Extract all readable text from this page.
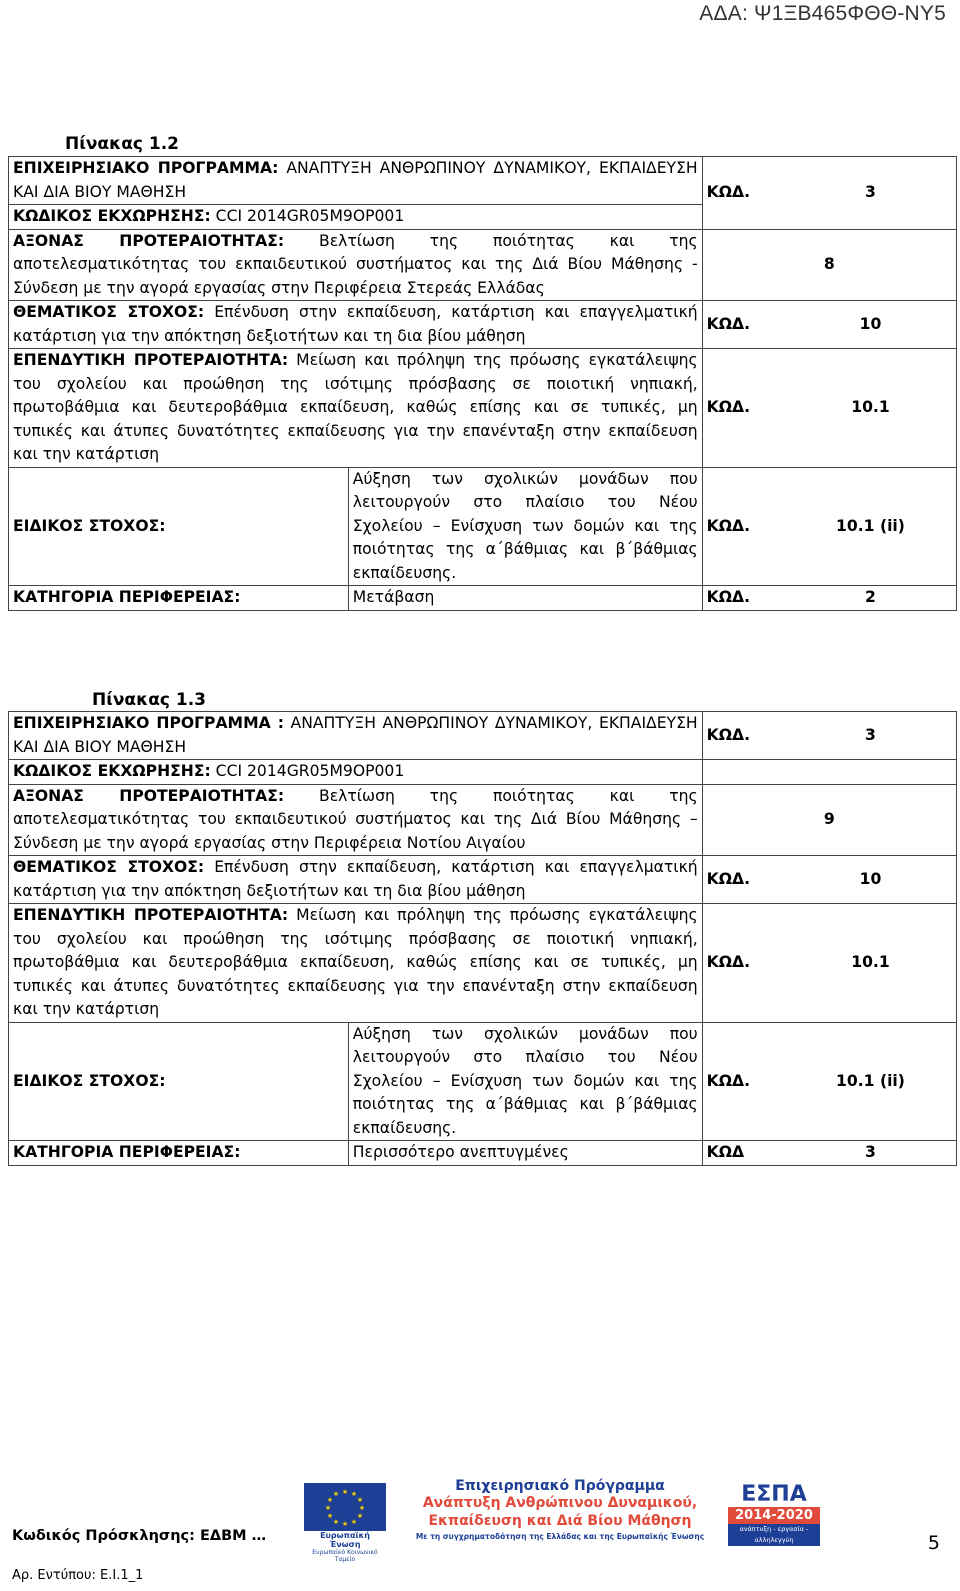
ΑΔΑ: Ψ1ΞΒ465ΦΘΘ-ΝΥ5
Πίνακας 1.2
ΕΠΙΧΕΙΡΗΣΙΑΚΟ ΠΡΟΓΡΑΜΜΑ: ΑΝΑΠΤΥΞΗ ΑΝΘΡΩΠΙΝΟΥ ΔΥΝΑΜΙΚΟΥ, ΕΚΠΑΙΔΕΥΣΗ ΚΑΙ ΔΙΑ ΒΙΟΥ ΜΑΘΗΣΗ		ΚΩΔ.	3
ΚΩΔΙΚΟΣ ΕΚΧΩΡΗΣΗΣ: CCI 2014GR05M9OP001			
ΑΞΟΝΑΣ ΠΡΟΤΕΡΑΙΟΤΗΤΑΣ: Βελτίωση της ποιότητας και της αποτελεσματικότητας του εκπαιδευτικού συστήματος και της Διά Βίου Μάθησης - Σύνδεση με την αγορά εργασίας στην Περιφέρεια Στερεάς Ελλάδας		8	
ΘΕΜΑΤΙΚΟΣ ΣΤΟΧΟΣ: Επένδυση στην εκπαίδευση, κατάρτιση και επαγγελματική κατάρτιση για την απόκτηση δεξιοτήτων και τη δια βίου μάθηση		ΚΩΔ.	10
ΕΠΕΝΔΥΤΙΚΗ ΠΡΟΤΕΡΑΙΟΤΗΤΑ: Μείωση και πρόληψη της πρόωσης εγκατάλειψης του σχολείου και προώθηση της ισότιμης πρόσβασης σε ποιοτική νηπιακή, πρωτοβάθμια και δευτεροβάθμια εκπαίδευση, καθώς επίσης και σε τυπικές, μη τυπικές και άτυπες δυνατότητες εκπαίδευσης για την επανένταξη στην εκπαίδευση και την κατάρτιση		ΚΩΔ.	10.1
ΕΙΔΙΚΟΣ ΣΤΟΧΟΣ:	Αύξηση των σχολικών μονάδων που λειτουργούν στο πλαίσιο του Νέου Σχολείου – Ενίσχυση των δομών και της ποιότητας της α΄βάθμιας και β΄βάθμιας εκπαίδευσης.	ΚΩΔ.	10.1 (ii)
ΚΑΤΗΓΟΡΙΑ ΠΕΡΙΦΕΡΕΙΑΣ:	Μετάβαση	ΚΩΔ.	2
Πίνακας 1.3
ΕΠΙΧΕΙΡΗΣΙΑΚΟ ΠΡΟΓΡΑΜΜΑ : ΑΝΑΠΤΥΞΗ ΑΝΘΡΩΠΙΝΟΥ ΔΥΝΑΜΙΚΟΥ, ΕΚΠΑΙΔΕΥΣΗ ΚΑΙ ΔΙΑ ΒΙΟΥ ΜΑΘΗΣΗ		ΚΩΔ.	3
ΚΩΔΙΚΟΣ ΕΚΧΩΡΗΣΗΣ: CCI 2014GR05M9OP001			
ΑΞΟΝΑΣ ΠΡΟΤΕΡΑΙΟΤΗΤΑΣ: Βελτίωση της ποιότητας και της αποτελεσματικότητας του εκπαιδευτικού συστήματος και της Διά Βίου Μάθησης – Σύνδεση με την αγορά εργασίας στην Περιφέρεια Νοτίου Αιγαίου		9	
ΘΕΜΑΤΙΚΟΣ ΣΤΟΧΟΣ: Επένδυση στην εκπαίδευση, κατάρτιση και επαγγελματική κατάρτιση για την απόκτηση δεξιοτήτων και τη δια βίου μάθηση		ΚΩΔ.	10
ΕΠΕΝΔΥΤΙΚΗ ΠΡΟΤΕΡΑΙΟΤΗΤΑ: Μείωση και πρόληψη της πρόωσης εγκατάλειψης του σχολείου και προώθηση της ισότιμης πρόσβασης σε ποιοτική νηπιακή, πρωτοβάθμια και δευτεροβάθμια εκπαίδευση, καθώς επίσης και σε τυπικές, μη τυπικές και άτυπες δυνατότητες εκπαίδευσης για την επανένταξη στην εκπαίδευση και την κατάρτιση		ΚΩΔ.	10.1
ΕΙΔΙΚΟΣ ΣΤΟΧΟΣ:	Αύξηση των σχολικών μονάδων που λειτουργούν στο πλαίσιο του Νέου Σχολείου – Ενίσχυση των δομών και της ποιότητας της α΄βάθμιας και β΄βάθμιας εκπαίδευσης.	ΚΩΔ.	10.1 (ii)
ΚΑΤΗΓΟΡΙΑ ΠΕΡΙΦΕΡΕΙΑΣ:	Περισσότερο ανεπτυγμένες	ΚΩΔ	3
Κωδικός Πρόσκλησης: ΕΔΒΜ …
Αρ. Εντύπου: Ε.Ι.1_1
5
★ ★
★
★
★
★
★
★
★
★
★
★
Ευρωπαϊκή Ένωση
Ευρωπαϊκό Κοινωνικό Ταμείο
Επιχειρησιακό Πρόγραμμα
Ανάπτυξη Ανθρώπινου Δυναμικού,
Εκπαίδευση και Διά Βίου Μάθηση
Με τη συγχρηματοδότηση της Ελλάδας και της Ευρωπαϊκής Ένωσης
ΕΣΠΑ
2014-2020
ανάπτυξη - εργασία - αλληλεγγύη
